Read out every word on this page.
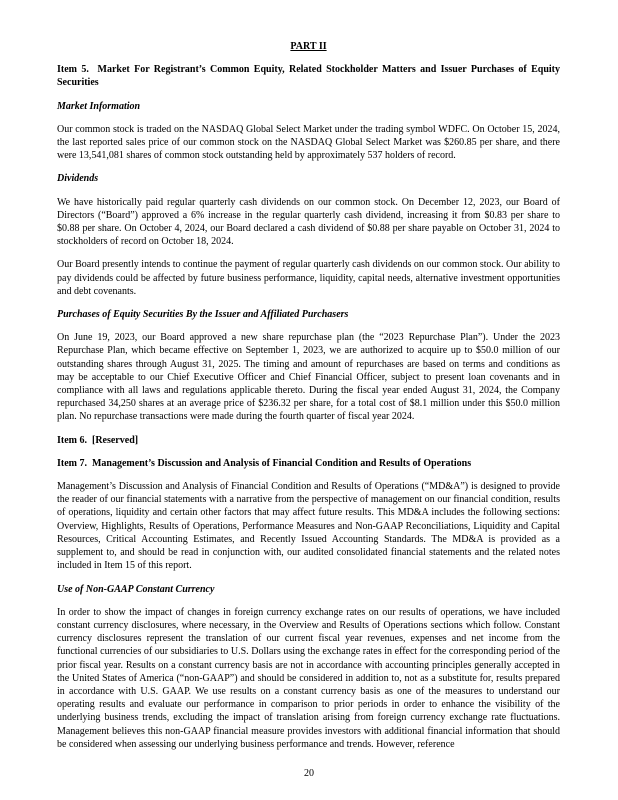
PART II
Item 5.  Market For Registrant’s Common Equity, Related Stockholder Matters and Issuer Purchases of Equity Securities
Market Information

Our common stock is traded on the NASDAQ Global Select Market under the trading symbol WDFC. On October 15, 2024, the last reported sales price of our common stock on the NASDAQ Global Select Market was $260.85 per share, and there were 13,541,081 shares of common stock outstanding held by approximately 537 holders of record.

Dividends

We have historically paid regular quarterly cash dividends on our common stock. On December 12, 2023, our Board of Directors (“Board”) approved a 6% increase in the regular quarterly cash dividend, increasing it from $0.83 per share to $0.88 per share. On October 4, 2024, our Board declared a cash dividend of $0.88 per share payable on October 31, 2024 to stockholders of record on October 18, 2024.

Our Board presently intends to continue the payment of regular quarterly cash dividends on our common stock. Our ability to pay dividends could be affected by future business performance, liquidity, capital needs, alternative investment opportunities and debt covenants.

Purchases of Equity Securities By the Issuer and Affiliated Purchasers

On June 19, 2023, our Board approved a new share repurchase plan (the “2023 Repurchase Plan”). Under the 2023 Repurchase Plan, which became effective on September 1, 2023, we are authorized to acquire up to $50.0 million of our outstanding shares through August 31, 2025. The timing and amount of repurchases are based on terms and conditions as may be acceptable to our Chief Executive Officer and Chief Financial Officer, subject to present loan covenants and in compliance with all laws and regulations applicable thereto. During the fiscal year ended August 31, 2024, the Company repurchased 34,250 shares at an average price of $236.32 per share, for a total cost of $8.1 million under this $50.0 million plan. No repurchase transactions were made during the fourth quarter of fiscal year 2024.

Item 6.  [Reserved]
Item 7.  Management’s Discussion and Analysis of Financial Condition and Results of Operations

Management’s Discussion and Analysis of Financial Condition and Results of Operations (“MD&A”) is designed to provide the reader of our financial statements with a narrative from the perspective of management on our financial condition, results of operations, liquidity and certain other factors that may affect future results. This MD&A includes the following sections: Overview, Highlights, Results of Operations, Performance Measures and Non-GAAP Reconciliations, Liquidity and Capital Resources, Critical Accounting Estimates, and Recently Issued Accounting Standards. The MD&A is provided as a supplement to, and should be read in conjunction with, our audited consolidated financial statements and the related notes included in Item 15 of this report.

Use of Non-GAAP Constant Currency

In order to show the impact of changes in foreign currency exchange rates on our results of operations, we have included constant currency disclosures, where necessary, in the Overview and Results of Operations sections which follow. Constant currency disclosures represent the translation of our current fiscal year revenues, expenses and net income from the functional currencies of our subsidiaries to U.S. Dollars using the exchange rates in effect for the corresponding period of the prior fiscal year. Results on a constant currency basis are not in accordance with accounting principles generally accepted in the United States of America (“non-GAAP”) and should be considered in addition to, not as a substitute for, results prepared in accordance with U.S. GAAP. We use results on a constant currency basis as one of the measures to understand our operating results and evaluate our performance in comparison to prior periods in order to enhance the visibility of the underlying business trends, excluding the impact of translation arising from foreign currency exchange rate fluctuations. Management believes this non-GAAP financial measure provides investors with additional financial information that should be considered when assessing our underlying business performance and trends. However, reference

20
